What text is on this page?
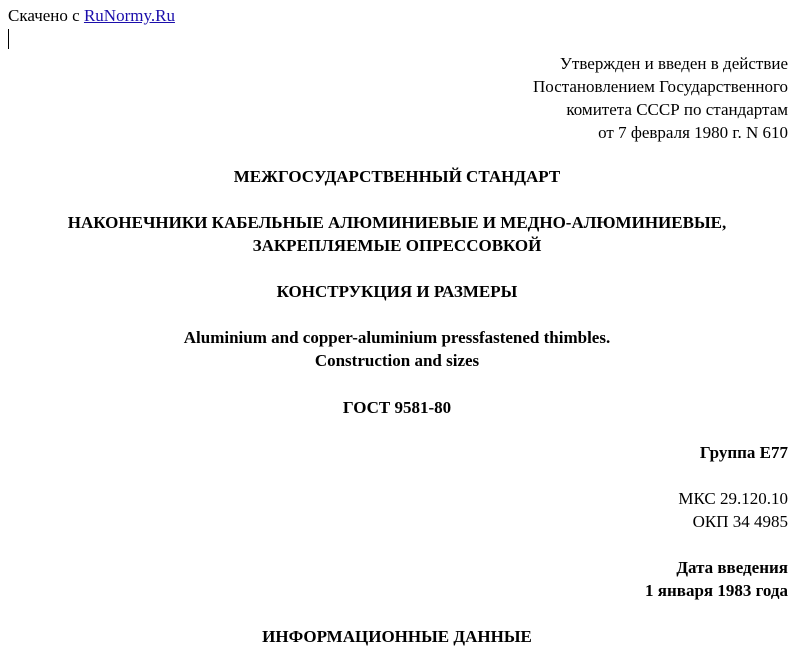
Скачено с RuNormy.Ru
Утвержден и введен в действие
Постановлением Государственного
комитета СССР по стандартам
от 7 февраля 1980 г. N 610
МЕЖГОСУДАРСТВЕННЫЙ СТАНДАРТ
НАКОНЕЧНИКИ КАБЕЛЬНЫЕ АЛЮМИНИЕВЫЕ И МЕДНО-АЛЮМИНИЕВЫЕ,
ЗАКРЕПЛЯЕМЫЕ ОПРЕССОВКОЙ
КОНСТРУКЦИЯ И РАЗМЕРЫ
Aluminium and copper-aluminium pressfastened thimbles.
Construction and sizes
ГОСТ 9581-80
Группа Е77
МКС 29.120.10
ОКП 34 4985
Дата введения
1 января 1983 года
ИНФОРМАЦИОННЫЕ ДАННЫЕ
